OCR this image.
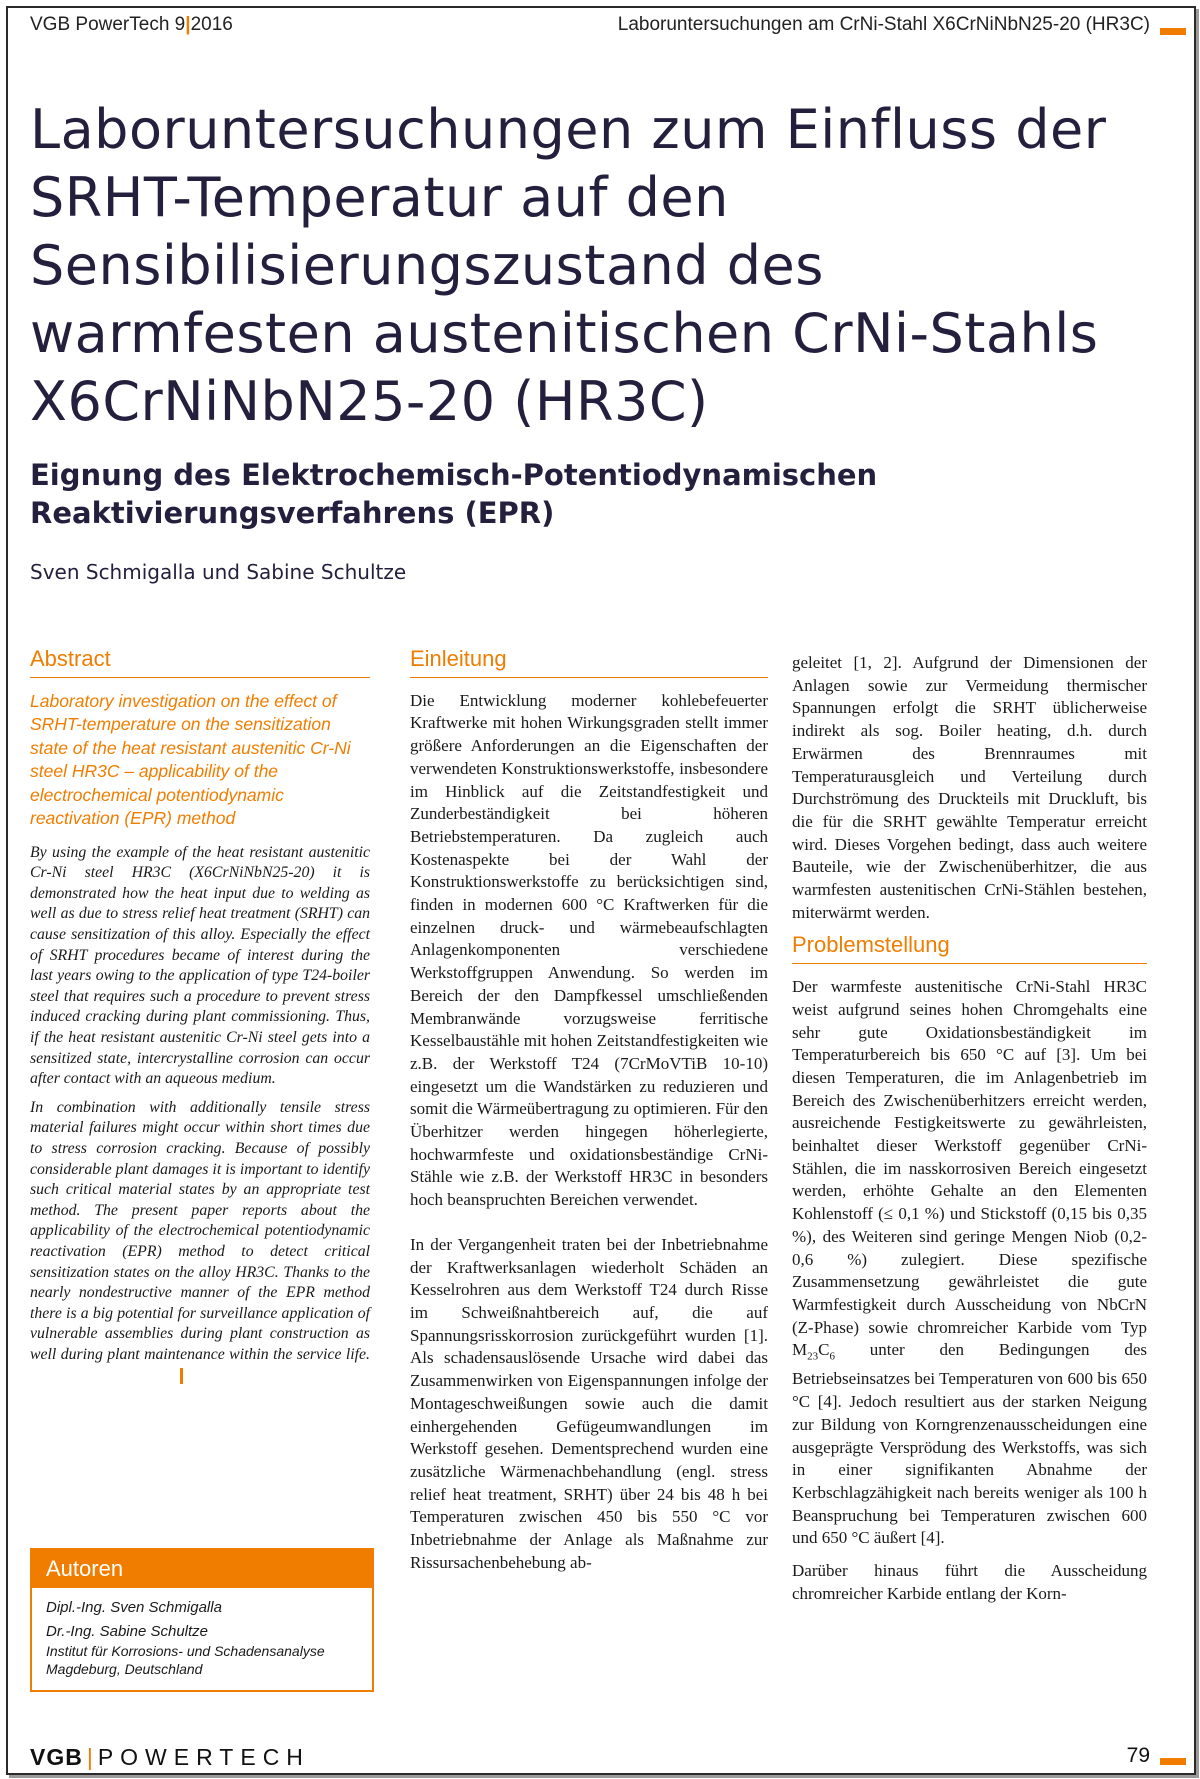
VGB PowerTech 9|2016	Laboruntersuchungen am CrNi-Stahl X6CrNiNbN25-20 (HR3C)
Laboruntersuchungen zum Einfluss der SRHT-Temperatur auf den Sensibilisierungszustand des warmfesten austenitischen CrNi-Stahls X6CrNiNbN25-20 (HR3C)
Eignung des Elektrochemisch-Potentiodynamischen Reaktivierungsverfahrens (EPR)
Sven Schmigalla und Sabine Schultze
Abstract
Laboratory investigation on the effect of SRHT-temperature on the sensitization state of the heat resistant austenitic Cr-Ni steel HR3C – applicability of the electrochemical potentiodynamic reactivation (EPR) method

By using the example of the heat resistant austenitic Cr-Ni steel HR3C (X6CrNiNbN25-20) it is demonstrated how the heat input due to welding as well as due to stress relief heat treatment (SRHT) can cause sensitization of this alloy. Especially the effect of SRHT procedures became of interest during the last years owing to the application of type T24-boiler steel that requires such a procedure to prevent stress induced cracking during plant commissioning. Thus, if the heat resistant austenitic Cr-Ni steel gets into a sensitized state, intercrystalline corrosion can occur after contact with an aqueous medium.

In combination with additionally tensile stress material failures might occur within short times due to stress corrosion cracking. Because of possibly considerable plant damages it is important to identify such critical material states by an appropriate test method. The present paper reports about the applicability of the electrochemical potentiodynamic reactivation (EPR) method to detect critical sensitization states on the alloy HR3C. Thanks to the nearly nondestructive manner of the EPR method there is a big potential for surveillance application of vulnerable assemblies during plant construction as well during plant maintenance within the service life.

Autoren
Dipl.-Ing. Sven Schmigalla
Dr.-Ing. Sabine Schultze
Institut für Korrosions- und Schadensanalyse
Magdeburg, Deutschland
Einleitung

Die Entwicklung moderner kohlebefeuerter Kraftwerke mit hohen Wirkungsgraden stellt immer größere Anforderungen an die Eigenschaften der verwendeten Konstruktionswerkstoffe, insbesondere im Hinblick auf die Zeitstandfestigkeit und Zunderbeständigkeit bei höheren Betriebstemperaturen. Da zugleich auch Kostenaspekte bei der Wahl der Konstruktionswerkstoffe zu berücksichtigen sind, finden in modernen 600 °C Kraftwerken für die einzelnen druck- und wärmebeaufschlagten Anlagenkomponenten verschiedene Werkstoffgruppen Anwendung. So werden im Bereich der den Dampfkessel umschließenden Membranwände vorzugsweise ferritische Kesselbaustähle mit hohen Zeitstandfestigkeiten wie z.B. der Werkstoff T24 (7CrMoVTiB 10-10) eingesetzt um die Wandstärken zu reduzieren und somit die Wärmeübertragung zu optimieren. Für den Überhitzer werden hingegen höherlegierte, hochwarmfeste und oxidationsbeständige CrNi-Stähle wie z.B. der Werkstoff HR3C in besonders hoch beanspruchten Bereichen verwendet.

In der Vergangenheit traten bei der Inbetriebnahme der Kraftwerksanlagen wiederholt Schäden an Kesselrohren aus dem Werkstoff T24 durch Risse im Schweißnahtbereich auf, die auf Spannungsrisskorrosion zurückgeführt wurden [1]. Als schadensauslösende Ursache wird dabei das Zusammenwirken von Eigenspannungen infolge der Montageschweißungen sowie auch die damit einhergehenden Gefügeumwandlungen im Werkstoff gesehen. Dementsprechend wurden eine zusätzliche Wärmenachbehandlung (engl. stress relief heat treatment, SRHT) über 24 bis 48 h bei Temperaturen zwischen 450 bis 550 °C vor Inbetriebnahme der Anlage als Maßnahme zur Rissursachenbehebung ab-

geleitet [1, 2]. Aufgrund der Dimensionen der Anlagen sowie zur Vermeidung thermischer Spannungen erfolgt die SRHT üblicherweise indirekt als sog. Boiler heating, d.h. durch Erwärmen des Brennraumes mit Temperaturausgleich und Verteilung durch Durchströmung des Druckteils mit Druckluft, bis die für die SRHT gewählte Temperatur erreicht wird. Dieses Vorgehen bedingt, dass auch weitere Bauteile, wie der Zwischenüberhitzer, die aus warmfesten austenitischen CrNi-Stählen bestehen, miterwärmt werden.

Problemstellung

Der warmfeste austenitische CrNi-Stahl HR3C weist aufgrund seines hohen Chromgehalts eine sehr gute Oxidationsbeständigkeit im Temperaturbereich bis 650 °C auf [3]. Um bei diesen Temperaturen, die im Anlagenbetrieb im Bereich des Zwischenüberhitzers erreicht werden, ausreichende Festigkeitswerte zu gewährleisten, beinhaltet dieser Werkstoff gegenüber CrNi-Stählen, die im nasskorrosiven Bereich eingesetzt werden, erhöhte Gehalte an den Elementen Kohlenstoff (≤ 0,1 %) und Stickstoff (0,15 bis 0,35 %), des Weiteren sind geringe Mengen Niob (0,2-0,6 %) zulegiert. Diese spezifische Zusammensetzung gewährleistet die gute Warmfestigkeit durch Ausscheidung von NbCrN (Z-Phase) sowie chromreicher Karbide vom Typ $M_{23}C_6$ unter den Bedingungen des Betriebseinsatzes bei Temperaturen von 600 bis 650 °C [4]. Jedoch resultiert aus der starken Neigung zur Bildung von Korngrenzenausscheidungen eine ausgeprägte Versprödung des Werkstoffs, was sich in einer signifikanten Abnahme der Kerbschlagzähigkeit nach bereits weniger als 100 h Beanspruchung bei Temperaturen zwischen 600 und 650 °C äußert [4].

Darüber hinaus führt die Ausscheidung chromreicher Karbide entlang der Korn-

VGB | POWERTECH	79
